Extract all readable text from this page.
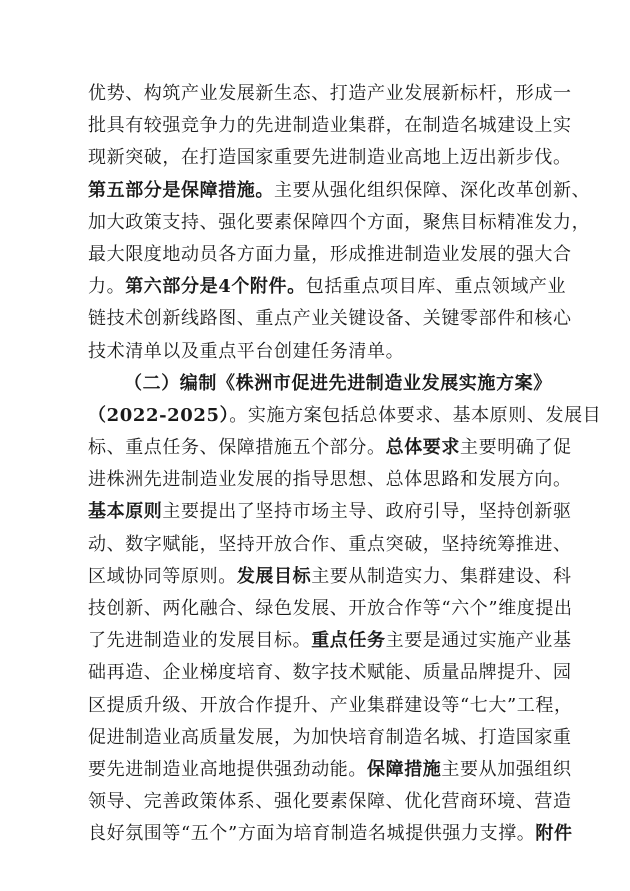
优势、构筑产业发展新生态、打造产业发展新标杆，形成一
批具有较强竞争力的先进制造业集群，在制造名城建设上实
现新突破，在打造国家重要先进制造业高地上迈出新步伐。
第五部分是保障措施。主要从强化组织保障、深化改革创新、
加大政策支持、强化要素保障四个方面，聚焦目标精准发力，
最大限度地动员各方面力量，形成推进制造业发展的强大合
力。第六部分是4个附件。包括重点项目库、重点领域产业
链技术创新线路图、重点产业关键设备、关键零部件和核心
技术清单以及重点平台创建任务清单。
（二）编制《株洲市促进先进制造业发展实施方案》
（2022-2025）。实施方案包括总体要求、基本原则、发展目
标、重点任务、保障措施五个部分。总体要求主要明确了促
进株洲先进制造业发展的指导思想、总体思路和发展方向。
基本原则主要提出了坚持市场主导、政府引导，坚持创新驱
动、数字赋能，坚持开放合作、重点突破，坚持统筹推进、
区域协同等原则。发展目标主要从制造实力、集群建设、科
技创新、两化融合、绿色发展、开放合作等“六个”维度提出
了先进制造业的发展目标。重点任务主要是通过实施产业基
础再造、企业梯度培育、数字技术赋能、质量品牌提升、园
区提质升级、开放合作提升、产业集群建设等“七大”工程，
促进制造业高质量发展，为加快培育制造名城、打造国家重
要先进制造业高地提供强劲动能。保障措施主要从加强组织
领导、完善政策体系、强化要素保障、优化营商环境、营造
良好氛围等“五个”方面为培育制造名城提供强力支撑。附件
